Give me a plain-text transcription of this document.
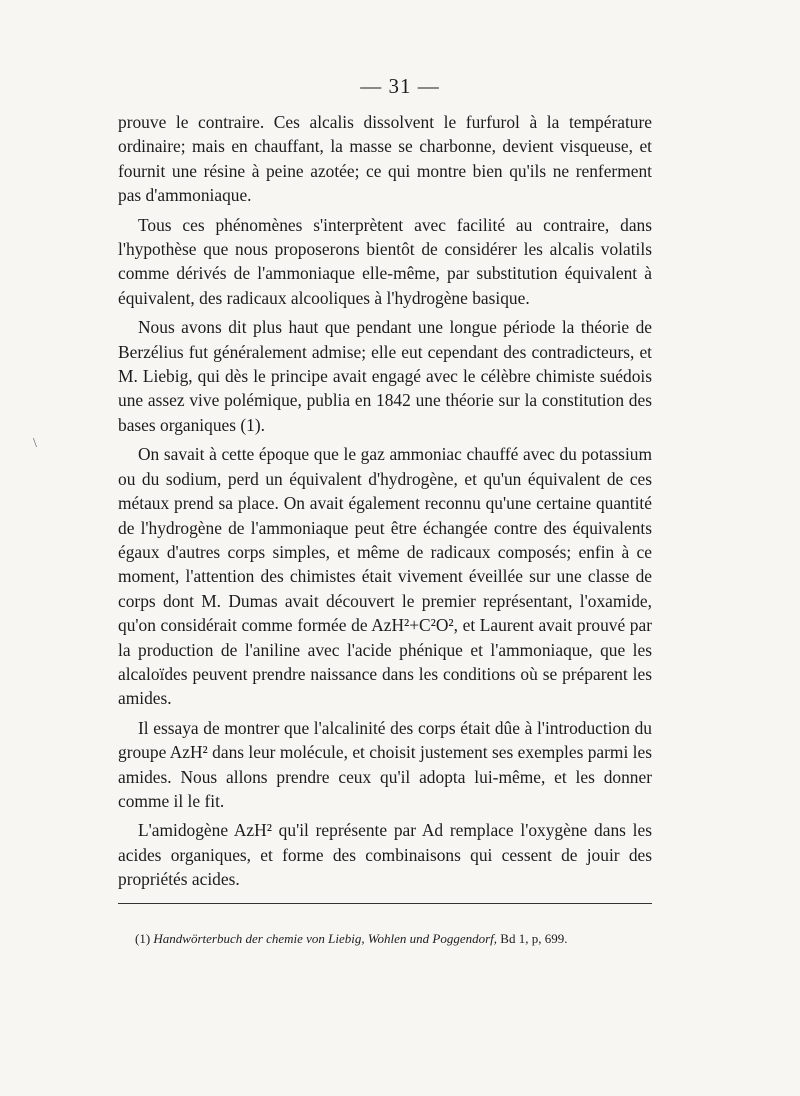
\
— 31 —

prouve le contraire. Ces alcalis dissolvent le furfurol à la température ordinaire; mais en chauffant, la masse se charbonne, devient visqueuse, et fournit une résine à peine azotée; ce qui montre bien qu'ils ne renferment pas d'ammoniaque.

Tous ces phénomènes s'interprètent avec facilité au contraire, dans l'hypothèse que nous proposerons bientôt de considérer les alcalis volatils comme dérivés de l'ammoniaque elle-même, par substitution équivalent à équivalent, des radicaux alcooliques à l'hydrogène basique.

Nous avons dit plus haut que pendant une longue période la théorie de Berzélius fut généralement admise; elle eut cependant des contradicteurs, et M. Liebig, qui dès le principe avait engagé avec le célèbre chimiste suédois une assez vive polémique, publia en 1842 une théorie sur la constitution des bases organiques (1).

On savait à cette époque que le gaz ammoniac chauffé avec du potassium ou du sodium, perd un équivalent d'hydrogène, et qu'un équivalent de ces métaux prend sa place. On avait également reconnu qu'une certaine quantité de l'hydrogène de l'ammoniaque peut être échangée contre des équivalents égaux d'autres corps simples, et même de radicaux composés; enfin à ce moment, l'attention des chimistes était vivement éveillée sur une classe de corps dont M. Dumas avait découvert le premier représentant, l'oxamide, qu'on considérait comme formée de AzH²+C²O², et Laurent avait prouvé par la production de l'aniline avec l'acide phénique et l'ammoniaque, que les alcaloïdes peuvent prendre naissance dans les conditions où se préparent les amides.

Il essaya de montrer que l'alcalinité des corps était dûe à l'introduction du groupe AzH² dans leur molécule, et choisit justement ses exemples parmi les amides. Nous allons prendre ceux qu'il adopta lui-même, et les donner comme il le fit.

L'amidogène AzH² qu'il représente par Ad remplace l'oxygène dans les acides organiques, et forme des combinaisons qui cessent de jouir des propriétés acides.

(1) Handwörterbuch der chemie von Liebig, Wohlen und Poggendorf, Bd 1, p, 699.
